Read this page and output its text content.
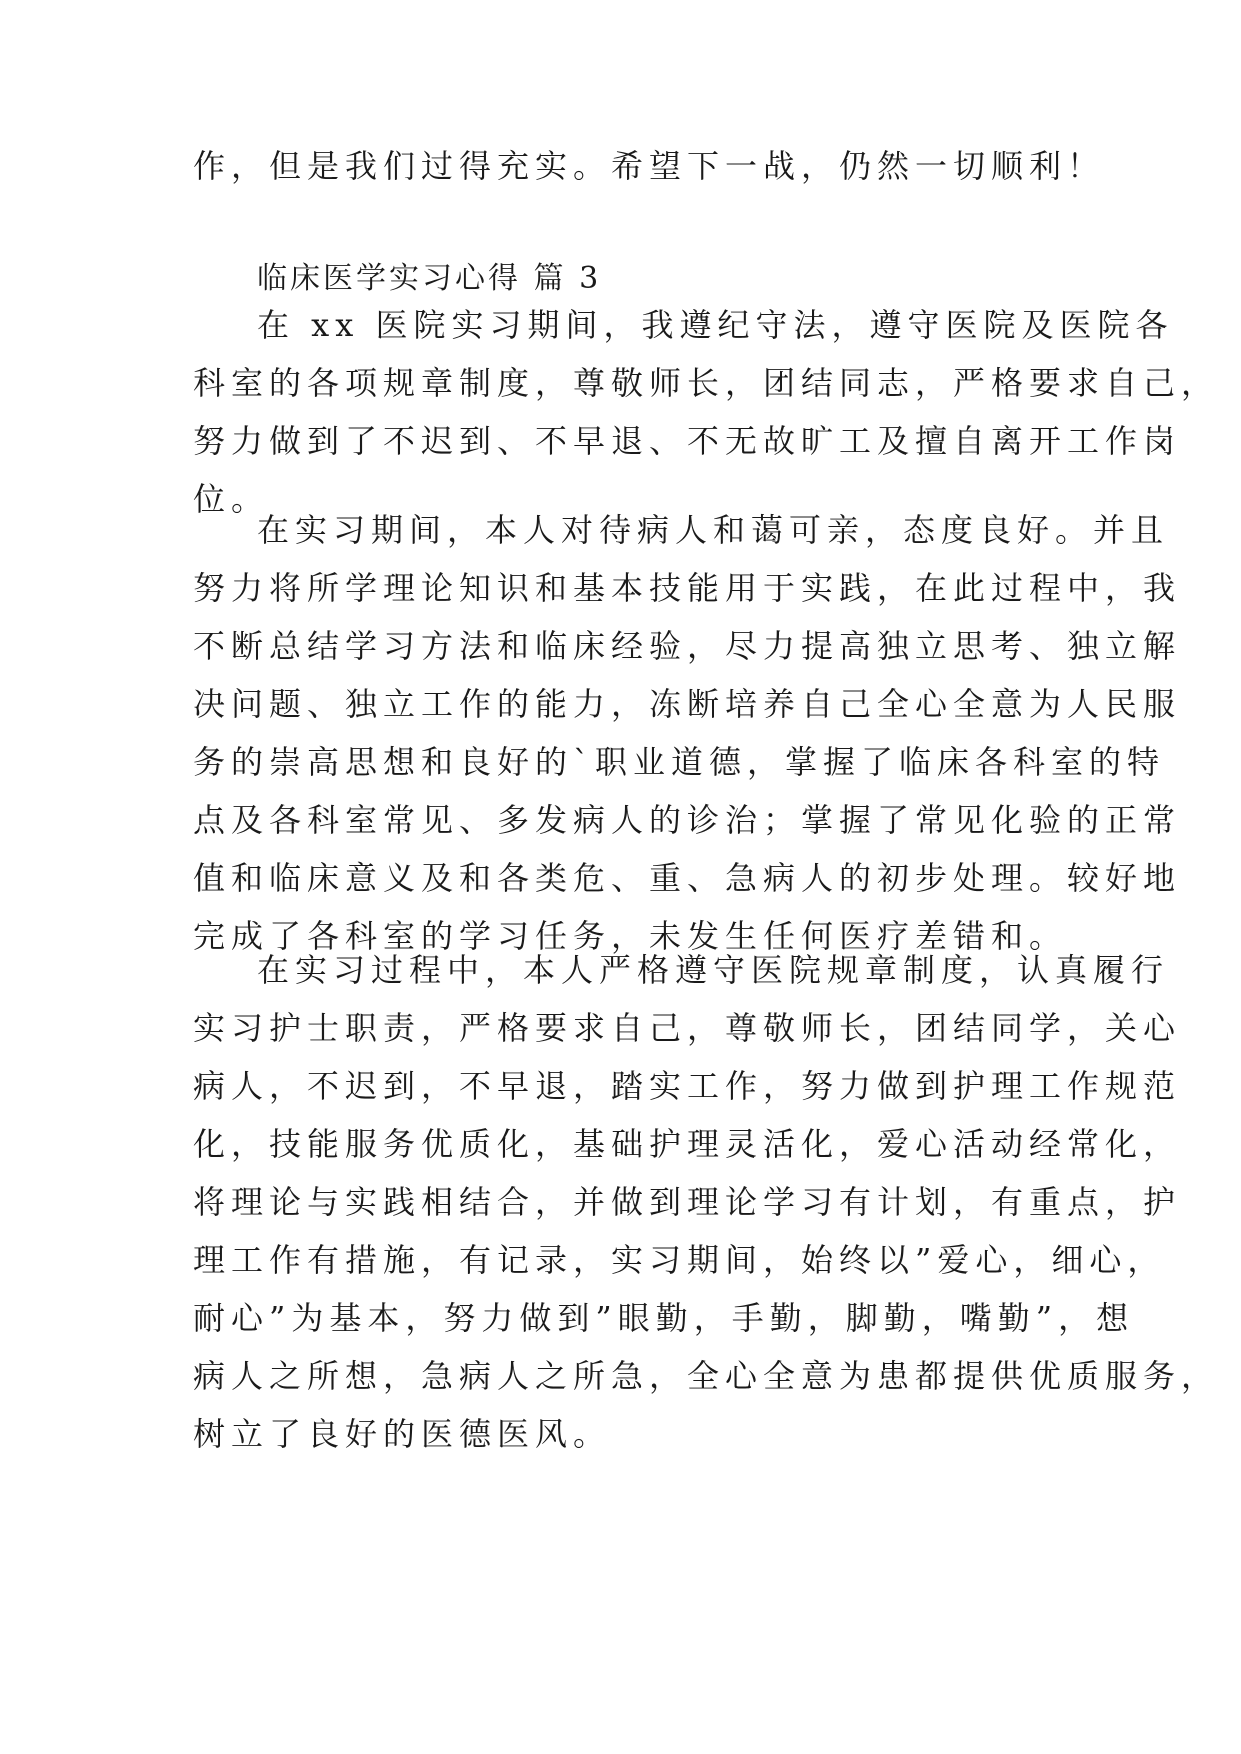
作，但是我们过得充实。希望下一战，仍然一切顺利！
临床医学实习心得 篇 3
在 xx 医院实习期间，我遵纪守法，遵守医院及医院各
科室的各项规章制度，尊敬师长，团结同志，严格要求自己，
努力做到了不迟到、不早退、不无故旷工及擅自离开工作岗
位。
在实习期间，本人对待病人和蔼可亲，态度良好。并且
努力将所学理论知识和基本技能用于实践，在此过程中，我
不断总结学习方法和临床经验，尽力提高独立思考、独立解
决问题、独立工作的能力，冻断培养自己全心全意为人民服
务的崇高思想和良好的`职业道德，掌握了临床各科室的特
点及各科室常见、多发病人的诊治；掌握了常见化验的正常
值和临床意义及和各类危、重、急病人的初步处理。较好地
完成了各科室的学习任务，未发生任何医疗差错和。
在实习过程中，本人严格遵守医院规章制度，认真履行
实习护士职责，严格要求自己，尊敬师长，团结同学，关心
病人，不迟到，不早退，踏实工作，努力做到护理工作规范
化，技能服务优质化，基础护理灵活化，爱心活动经常化，
将理论与实践相结合，并做到理论学习有计划，有重点，护
理工作有措施，有记录，实习期间，始终以”爱心，细心，
耐心”为基本，努力做到”眼勤，手勤，脚勤，嘴勤”，想
病人之所想，急病人之所急，全心全意为患都提供优质服务，
树立了良好的医德医风。
